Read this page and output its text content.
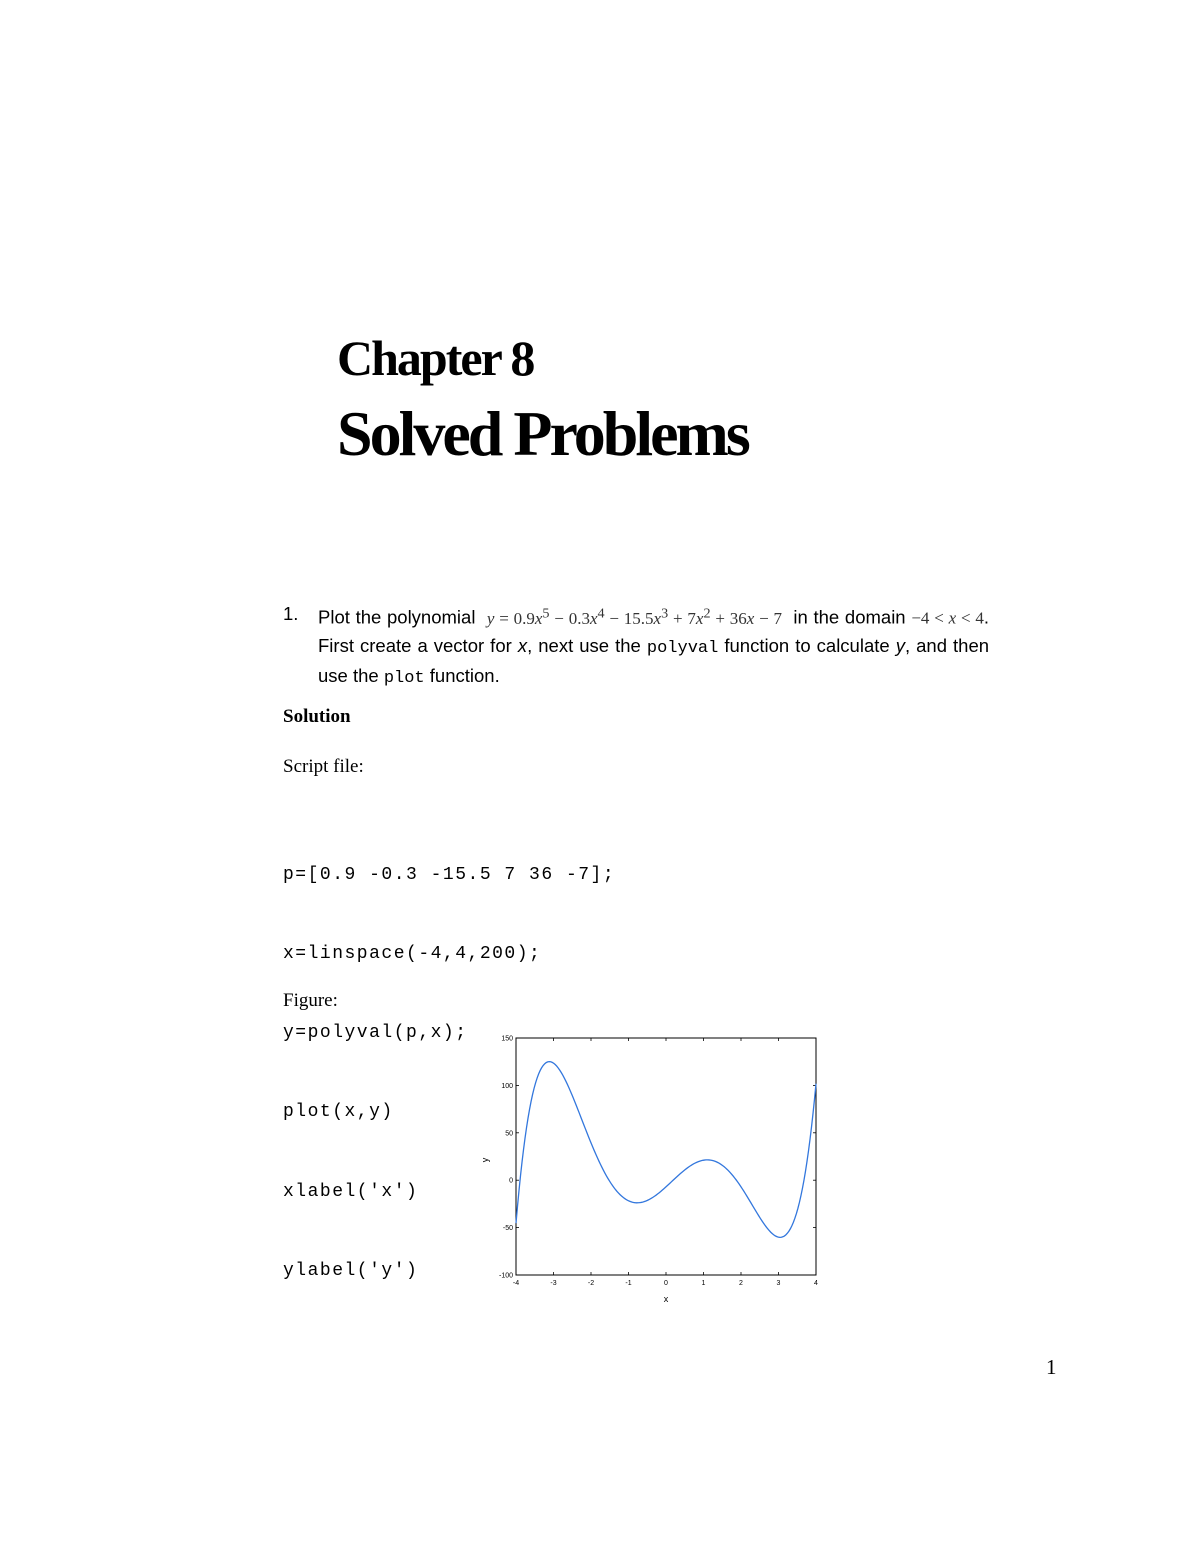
Chapter 8
Solved Problems
1. Plot the polynomial $y = 0.9x^5 - 0.3x^4 - 15.5x^3 + 7x^2 + 36x - 7$ in the domain −4 < x < 4. First create a vector for x, next use the polyval function to calculate y, and then use the plot function.
Solution
Script file:

p=[0.9 -0.3 -15.5 7 36 -7];

x=linspace(-4,4,200);

y=polyval(p,x);

plot(x,y)

xlabel('x')

ylabel('y')

Figure:
-4	-3	-2	-1	0	1	2	3	4
-100
-50
0
50
100
150
x
y
1
